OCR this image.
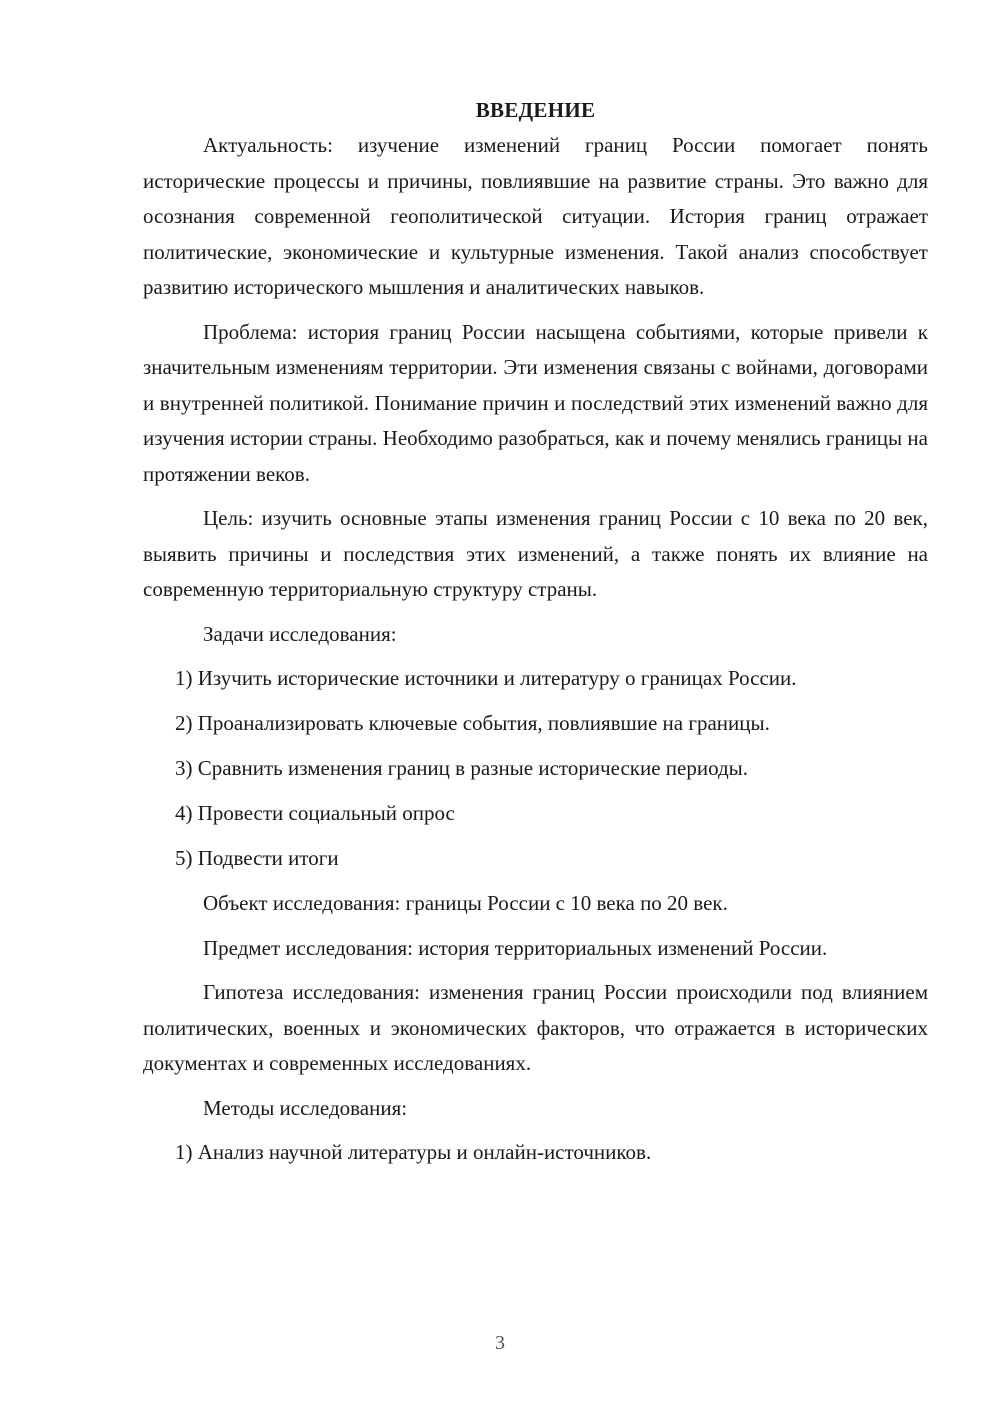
ВВЕДЕНИЕ

Актуальность: изучение изменений границ России помогает понять исторические процессы и причины, повлиявшие на развитие страны. Это важно для осознания современной геополитической ситуации. История границ отражает политические, экономические и культурные изменения. Такой анализ способствует развитию исторического мышления и аналитических навыков.

Проблема: история границ России насыщена событиями, которые привели к значительным изменениям территории. Эти изменения связаны с войнами, договорами и внутренней политикой. Понимание причин и последствий этих изменений важно для изучения истории страны. Необходимо разобраться, как и почему менялись границы на протяжении веков.

Цель: изучить основные этапы изменения границ России с 10 века по 20 век, выявить причины и последствия этих изменений, а также понять их влияние на современную территориальную структуру страны.

Задачи исследования:

1) Изучить исторические источники и литературу о границах России.
2) Проанализировать ключевые события, повлиявшие на границы.
3) Сравнить изменения границ в разные исторические периоды.
4) Провести социальный опрос
5) Подвести итоги

Объект исследования: границы России с 10 века по 20 век.

Предмет исследования: история территориальных изменений России.

Гипотеза исследования: изменения границ России происходили под влиянием политических, военных и экономических факторов, что отражается в исторических документах и современных исследованиях.

Методы исследования:

1) Анализ научной литературы и онлайн-источников.
3
